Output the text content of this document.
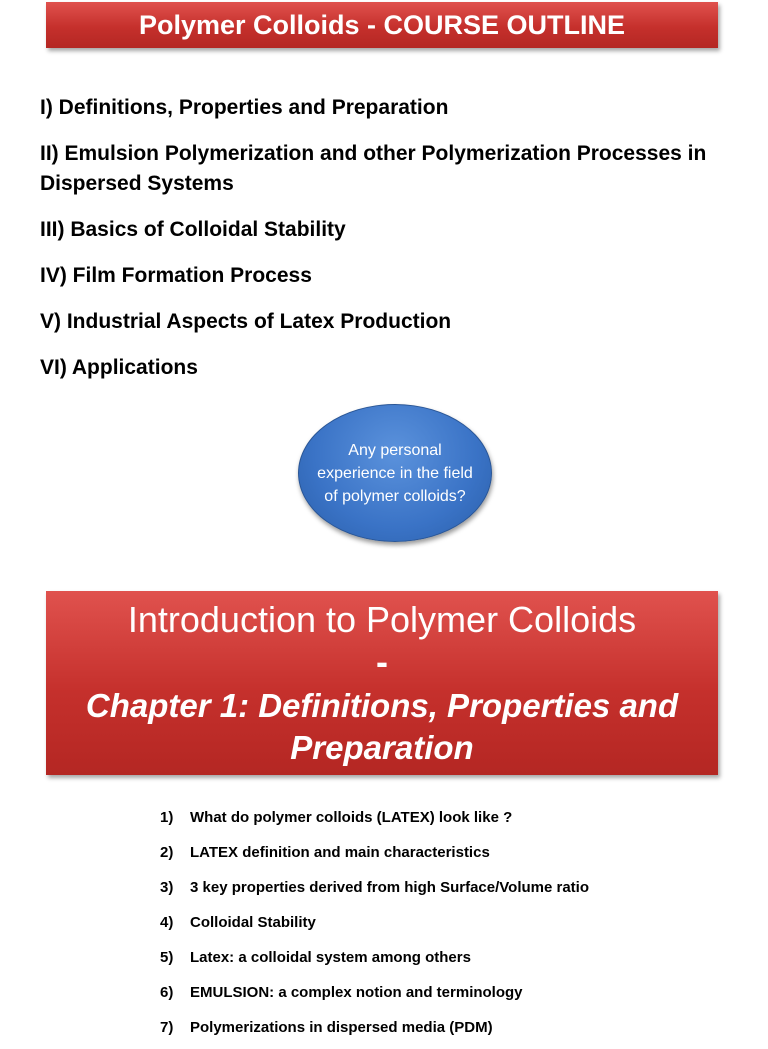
Polymer Colloids - COURSE OUTLINE
I) Definitions, Properties and Preparation
II) Emulsion Polymerization and other Polymerization Processes in Dispersed Systems
III) Basics of Colloidal Stability
IV) Film Formation Process
V) Industrial Aspects of Latex Production
VI) Applications
Any personal experience in the field of polymer colloids?
Introduction to Polymer Colloids
-
Chapter 1: Definitions, Properties and Preparation
1)	What do polymer colloids (LATEX) look like ?
2)	LATEX definition and main characteristics
3)	3 key properties derived from high Surface/Volume ratio
4)	Colloidal Stability
5)	Latex: a colloidal system among others
6)	EMULSION: a complex notion and terminology
7)	Polymerizations in dispersed media (PDM)
